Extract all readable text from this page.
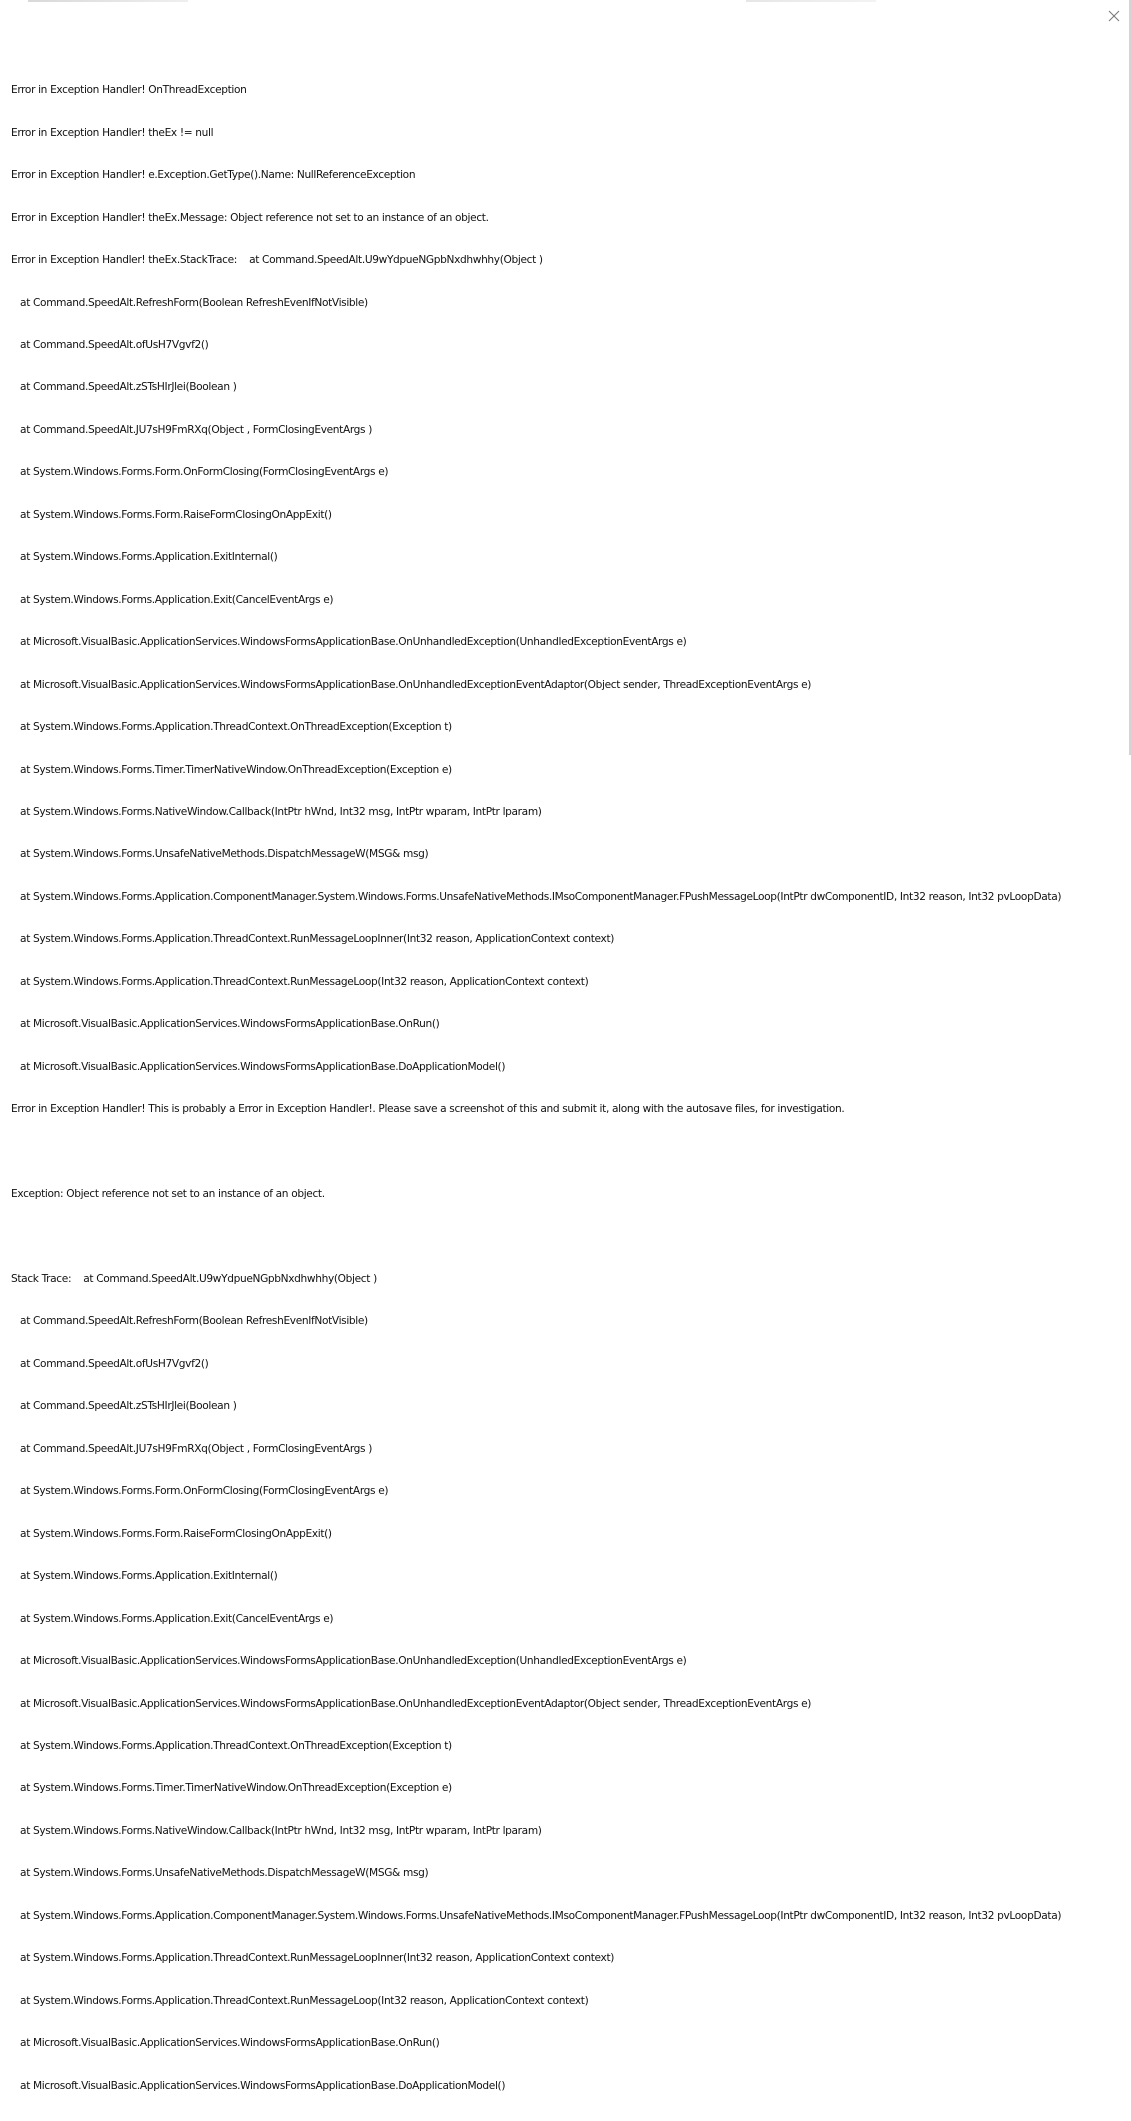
Error in Exception Handler! OnThreadException

Error in Exception Handler! theEx != null

Error in Exception Handler! e.Exception.GetType().Name: NullReferenceException

Error in Exception Handler! theEx.Message: Object reference not set to an instance of an object.

Error in Exception Handler! theEx.StackTrace:    at Command.SpeedAlt.U9wYdpueNGpbNxdhwhhy(Object )

at Command.SpeedAlt.RefreshForm(Boolean RefreshEvenIfNotVisible)

at Command.SpeedAlt.ofUsH7Vgvf2()

at Command.SpeedAlt.zSTsHIrJlei(Boolean )

at Command.SpeedAlt.JU7sH9FmRXq(Object , FormClosingEventArgs )

at System.Windows.Forms.Form.OnFormClosing(FormClosingEventArgs e)

at System.Windows.Forms.Form.RaiseFormClosingOnAppExit()

at System.Windows.Forms.Application.ExitInternal()

at System.Windows.Forms.Application.Exit(CancelEventArgs e)

at Microsoft.VisualBasic.ApplicationServices.WindowsFormsApplicationBase.OnUnhandledException(UnhandledExceptionEventArgs e)

at Microsoft.VisualBasic.ApplicationServices.WindowsFormsApplicationBase.OnUnhandledExceptionEventAdaptor(Object sender, ThreadExceptionEventArgs e)

at System.Windows.Forms.Application.ThreadContext.OnThreadException(Exception t)

at System.Windows.Forms.Timer.TimerNativeWindow.OnThreadException(Exception e)

at System.Windows.Forms.NativeWindow.Callback(IntPtr hWnd, Int32 msg, IntPtr wparam, IntPtr lparam)

at System.Windows.Forms.UnsafeNativeMethods.DispatchMessageW(MSG& msg)

at System.Windows.Forms.Application.ComponentManager.System.Windows.Forms.UnsafeNativeMethods.IMsoComponentManager.FPushMessageLoop(IntPtr dwComponentID, Int32 reason, Int32 pvLoopData)

at System.Windows.Forms.Application.ThreadContext.RunMessageLoopInner(Int32 reason, ApplicationContext context)

at System.Windows.Forms.Application.ThreadContext.RunMessageLoop(Int32 reason, ApplicationContext context)

at Microsoft.VisualBasic.ApplicationServices.WindowsFormsApplicationBase.OnRun()

at Microsoft.VisualBasic.ApplicationServices.WindowsFormsApplicationBase.DoApplicationModel()

Error in Exception Handler! This is probably a Error in Exception Handler!. Please save a screenshot of this and submit it, along with the autosave files, for investigation.

Exception: Object reference not set to an instance of an object.

Stack Trace:    at Command.SpeedAlt.U9wYdpueNGpbNxdhwhhy(Object )

at Command.SpeedAlt.RefreshForm(Boolean RefreshEvenIfNotVisible)

at Command.SpeedAlt.ofUsH7Vgvf2()

at Command.SpeedAlt.zSTsHIrJlei(Boolean )

at Command.SpeedAlt.JU7sH9FmRXq(Object , FormClosingEventArgs )

at System.Windows.Forms.Form.OnFormClosing(FormClosingEventArgs e)

at System.Windows.Forms.Form.RaiseFormClosingOnAppExit()

at System.Windows.Forms.Application.ExitInternal()

at System.Windows.Forms.Application.Exit(CancelEventArgs e)

at Microsoft.VisualBasic.ApplicationServices.WindowsFormsApplicationBase.OnUnhandledException(UnhandledExceptionEventArgs e)

at Microsoft.VisualBasic.ApplicationServices.WindowsFormsApplicationBase.OnUnhandledExceptionEventAdaptor(Object sender, ThreadExceptionEventArgs e)

at System.Windows.Forms.Application.ThreadContext.OnThreadException(Exception t)

at System.Windows.Forms.Timer.TimerNativeWindow.OnThreadException(Exception e)

at System.Windows.Forms.NativeWindow.Callback(IntPtr hWnd, Int32 msg, IntPtr wparam, IntPtr lparam)

at System.Windows.Forms.UnsafeNativeMethods.DispatchMessageW(MSG& msg)

at System.Windows.Forms.Application.ComponentManager.System.Windows.Forms.UnsafeNativeMethods.IMsoComponentManager.FPushMessageLoop(IntPtr dwComponentID, Int32 reason, Int32 pvLoopData)

at System.Windows.Forms.Application.ThreadContext.RunMessageLoopInner(Int32 reason, ApplicationContext context)

at System.Windows.Forms.Application.ThreadContext.RunMessageLoop(Int32 reason, ApplicationContext context)

at Microsoft.VisualBasic.ApplicationServices.WindowsFormsApplicationBase.OnRun()

at Microsoft.VisualBasic.ApplicationServices.WindowsFormsApplicationBase.DoApplicationModel()
